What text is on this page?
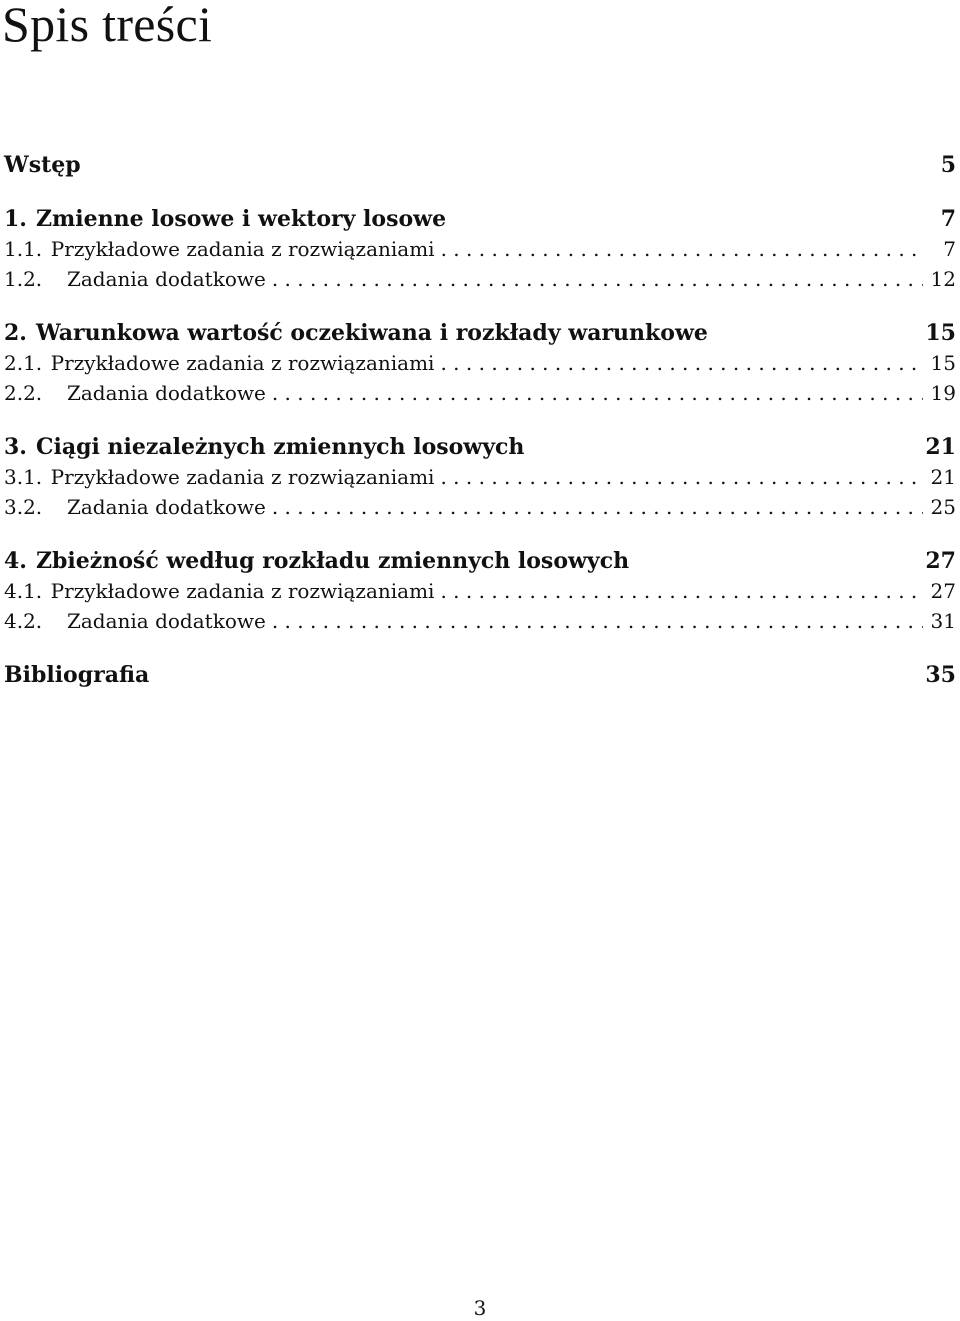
Spis treści
Wstęp	5
1. Zmienne losowe i wektory losowe	7
1.1. Przykładowe zadania z rozwiązaniami . . .	7
1.2.	Zadania dodatkowe . . .	12
2. Warunkowa wartość oczekiwana i rozkłady warunkowe	15
2.1. Przykładowe zadania z rozwiązaniami . . .	15
2.2.	Zadania dodatkowe . . .	19
3. Ciągi niezależnych zmiennych losowych	21
3.1. Przykładowe zadania z rozwiązaniami . . .	21
3.2.	Zadania dodatkowe . . .	25
4. Zbieżność według rozkładu zmiennych losowych	27
4.1. Przykładowe zadania z rozwiązaniami . . .	27
4.2.	Zadania dodatkowe . . .	31
Bibliografia	35
3
